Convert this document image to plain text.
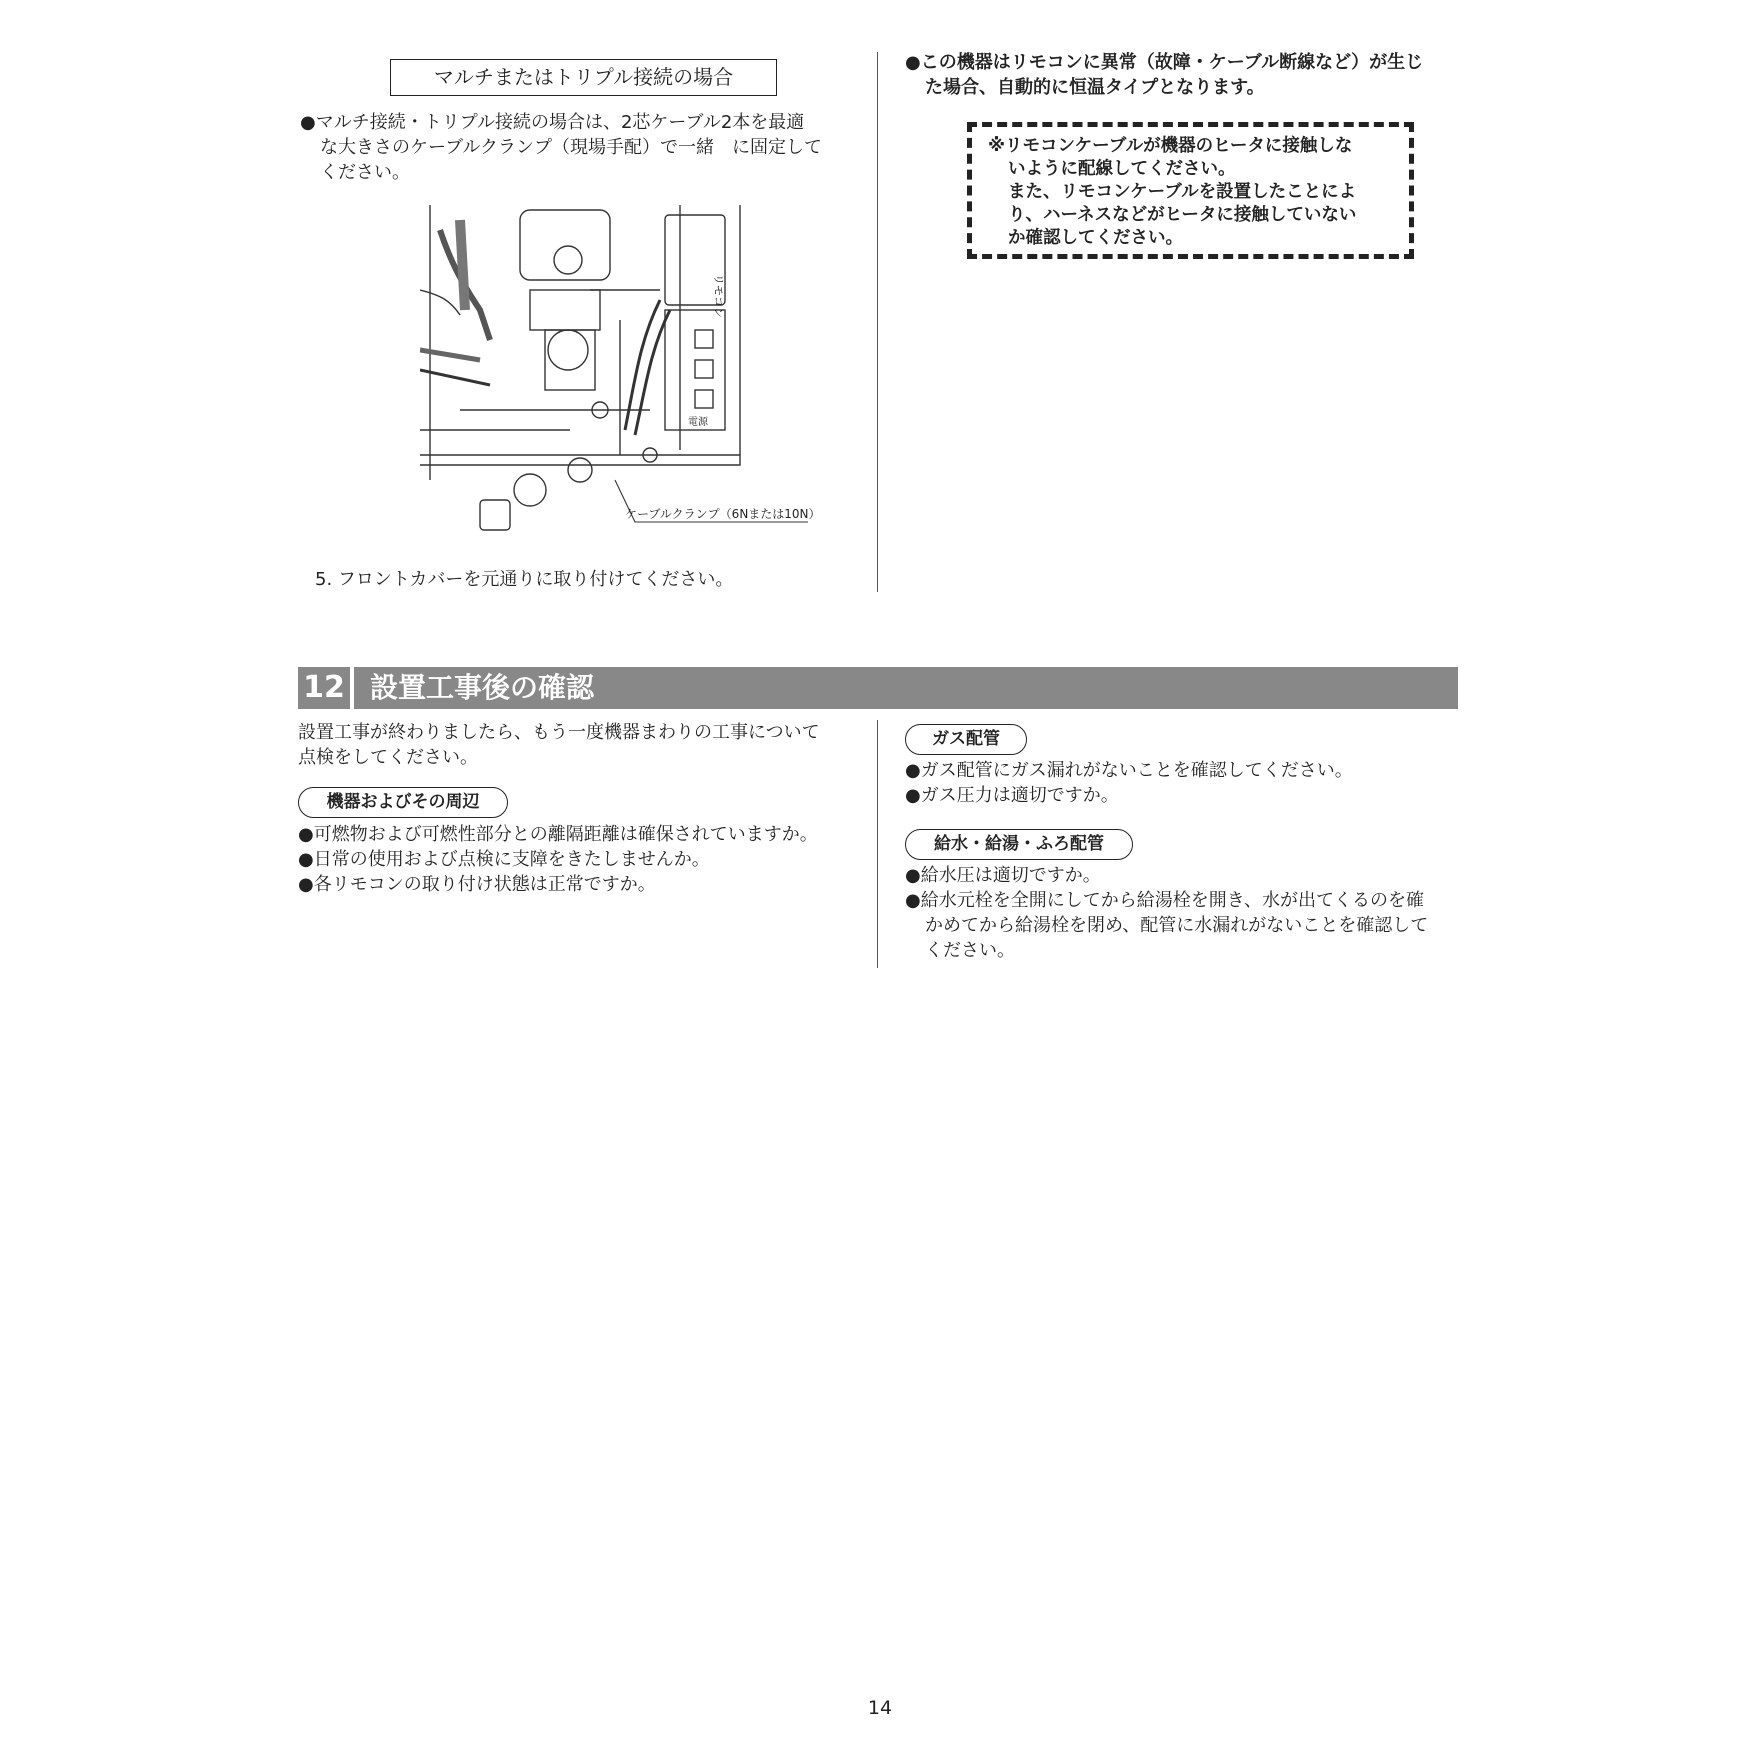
マルチまたはトリプル接続の場合
●マルチ接続・トリプル接続の場合は、2芯ケーブル2本を最適
な大きさのケーブルクランプ（現場手配）で一緒　に固定して
ください。
リモコン
電源
ケーブルクランプ（6Nまたは10N）
5. フロントカバーを元通りに取り付けてください。
●この機器はリモコンに異常（故障・ケーブル断線など）が生じ
た場合、自動的に恒温タイプとなります。
※リモコンケーブルが機器のヒータに接触しな
いように配線してください。
また、リモコンケーブルを設置したことによ
り、ハーネスなどがヒータに接触していない
か確認してください。
12 設置工事後の確認
設置工事が終わりましたら、もう一度機器まわりの工事について
点検をしてください。
機器およびその周辺
●可燃物および可燃性部分との離隔距離は確保されていますか。
●日常の使用および点検に支障をきたしませんか。
●各リモコンの取り付け状態は正常ですか。
ガス配管
●ガス配管にガス漏れがないことを確認してください。
●ガス圧力は適切ですか。
給水・給湯・ふろ配管
●給水圧は適切ですか。
●給水元栓を全開にしてから給湯栓を開き、水が出てくるのを確
かめてから給湯栓を閉め、配管に水漏れがないことを確認して
ください。
14
